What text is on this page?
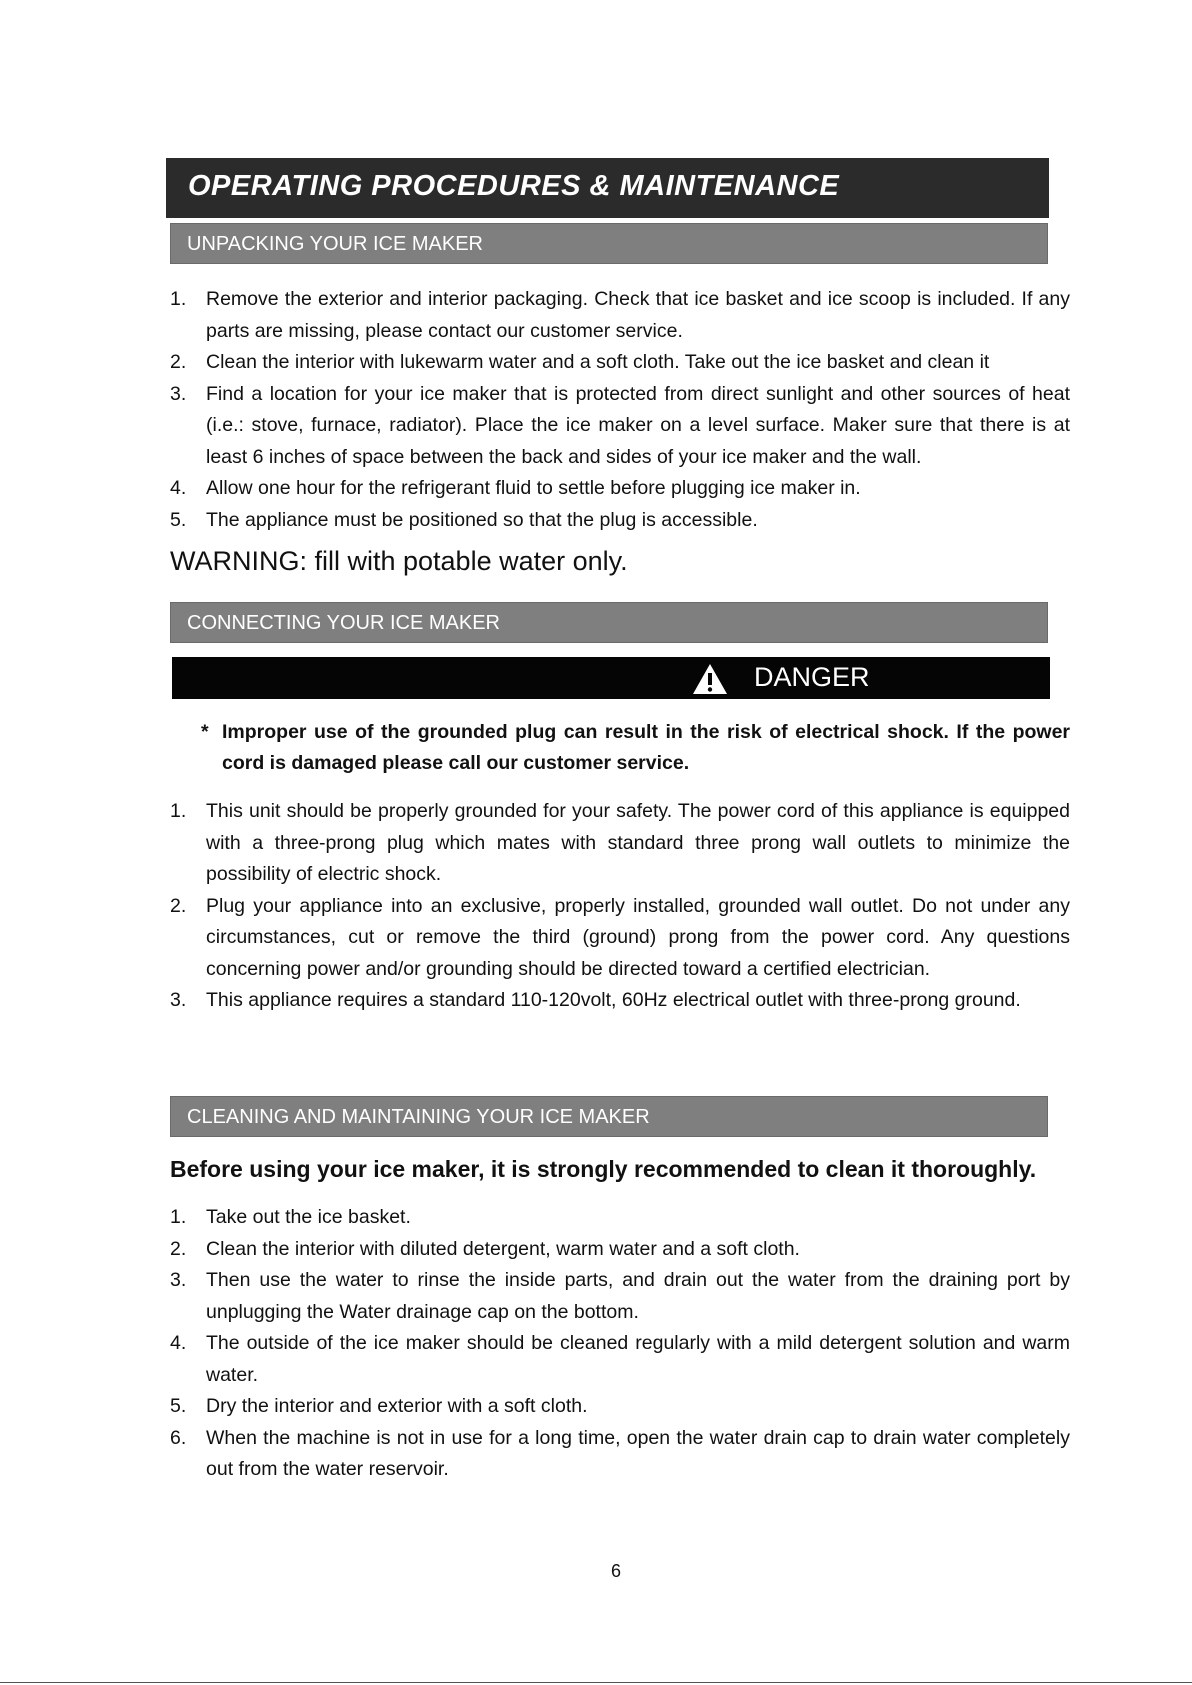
OPERATING PROCEDURES & MAINTENANCE
UNPACKING YOUR ICE MAKER
1. Remove the exterior and interior packaging. Check that ice basket and ice scoop is included. If any parts are missing, please contact our customer service.
2. Clean the interior with lukewarm water and a soft cloth. Take out the ice basket and clean it
3. Find a location for your ice maker that is protected from direct sunlight and other sources of heat (i.e.: stove, furnace, radiator). Place the ice maker on a level surface. Maker sure that there is at least 6 inches of space between the back and sides of your ice maker and the wall.
4. Allow one hour for the refrigerant fluid to settle before plugging ice maker in.
5. The appliance must be positioned so that the plug is accessible.
WARNING: fill with potable water only.
CONNECTING YOUR ICE MAKER
DANGER
* Improper use of the grounded plug can result in the risk of electrical shock. If the power cord is damaged please call our customer service.
1. This unit should be properly grounded for your safety. The power cord of this appliance is equipped with a three-prong plug which mates with standard three prong wall outlets to minimize the possibility of electric shock.
2. Plug your appliance into an exclusive, properly installed, grounded wall outlet. Do not under any circumstances, cut or remove the third (ground) prong from the power cord. Any questions concerning power and/or grounding should be directed toward a certified electrician.
3. This appliance requires a standard 110-120volt, 60Hz electrical outlet with three-prong ground.
CLEANING AND MAINTAINING YOUR ICE MAKER
Before using your ice maker, it is strongly recommended to clean it thoroughly.
1. Take out the ice basket.
2. Clean the interior with diluted detergent, warm water and a soft cloth.
3. Then use the water to rinse the inside parts, and drain out the water from the draining port by unplugging the Water drainage cap on the bottom.
4. The outside of the ice maker should be cleaned regularly with a mild detergent solution and warm water.
5. Dry the interior and exterior with a soft cloth.
6. When the machine is not in use for a long time, open the water drain cap to drain water completely out from the water reservoir.
6
